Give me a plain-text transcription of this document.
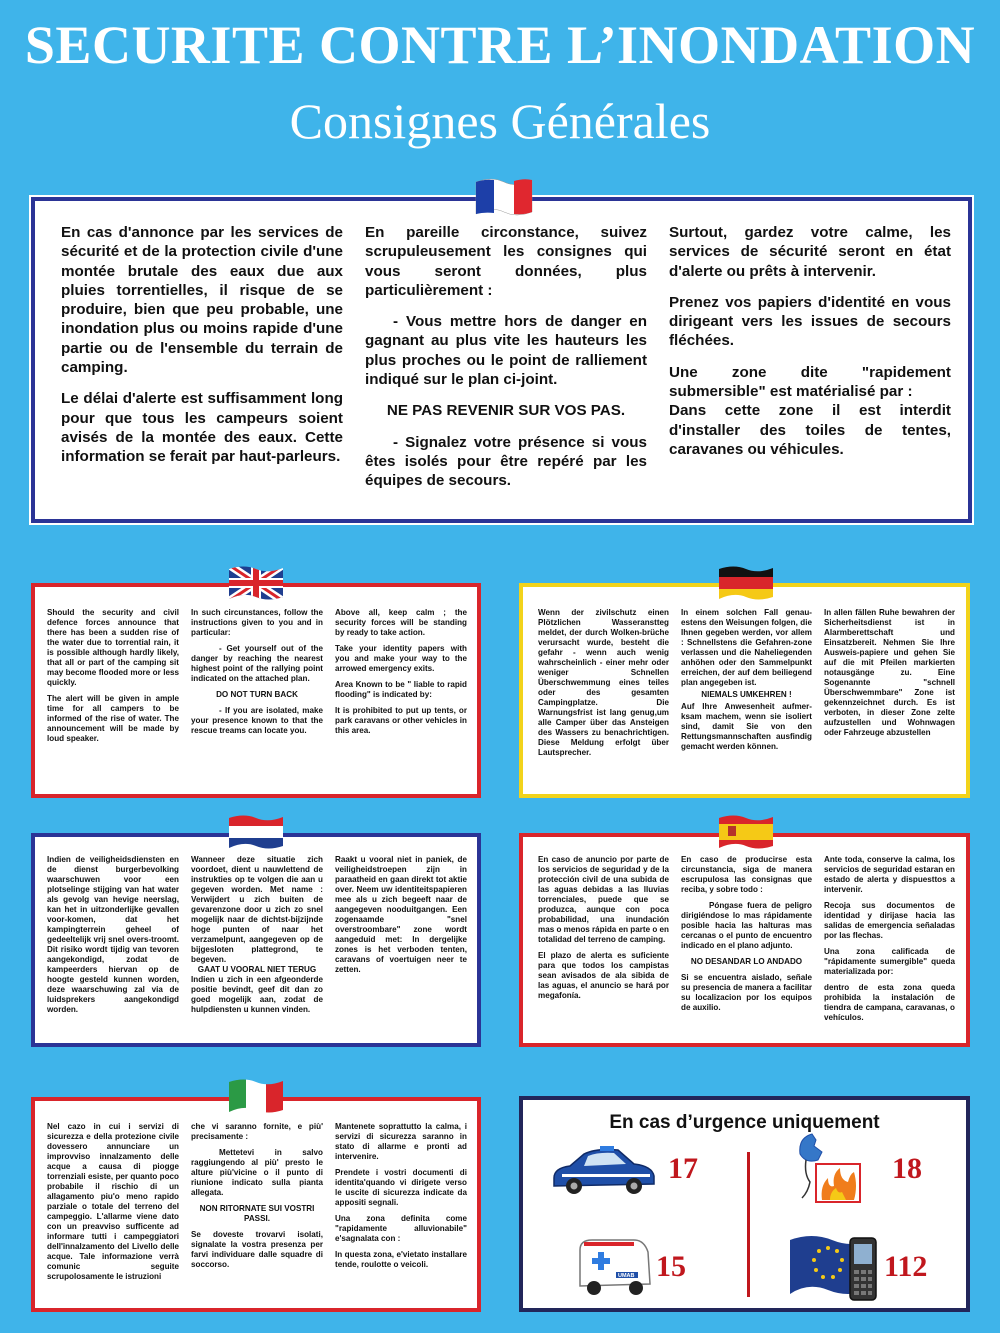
SECURITE CONTRE L’INONDATION
Consignes Générales

En cas d'annonce par les services de sécurité et de la protection civile d'une montée brutale des eaux due aux pluies torrentielles, il risque de se produire, bien que peu probable, une inondation plus ou moins rapide d'une partie ou de l'ensemble du terrain de camping.

Le délai d'alerte est suffisamment long pour que tous les campeurs soient avisés de la montée des eaux. Cette information se ferait par haut-parleurs.

En pareille circonstance, suivez scrupuleusement les consignes qui vous seront données, plus particulièrement :

- Vous mettre hors de danger en gagnant au plus vite les hauteurs les plus proches ou le point de ralliement indiqué sur le plan ci-joint.

NE PAS REVENIR SUR VOS PAS.

- Signalez votre présence si vous êtes isolés pour être repéré par les équipes de secours.

Surtout, gardez votre calme, les services de sécurité seront en état d'alerte ou prêts à intervenir.

Prenez vos papiers d'identité en vous dirigeant vers les issues de secours fléchées.

Une zone dite "rapidement submersible" est matérialisé par :

Dans cette zone il est interdit d'installer des toiles de tentes, caravanes ou véhicules.

Should the security and civil defence forces announce that there has been a sudden rise of the water due to torrential rain, it is possible although hardly likely, that all or part of the camping sit may become flooded more or less quickly.

The alert will be given in ample time for all campers to be informed of the rise of water. The announcement will be made by loud speaker.

In such circunstances, follow the instructions given to you and in particular:

- Get yourself out of the danger by reaching the nearest highest point of the rallying point indicated on the attached plan.

DO NOT TURN BACK

- If you are isolated, make your presence known to that the rescue treams can locate you.

Above all, keep calm ; the security forces will be standing by ready to take action.

Take your identity papers with you and make your way to the arrowed emergency exits.

Area Known to be " liable to rapid flooding" is indicated by:

It is prohibited to put up tents, or park caravans or other vehicles in this area.

Wenn der zivilschutz einen Plötzlichen Wasseranstteg meldet, der durch Wolken-brüche verursacht wurde, besteht die gefahr - wenn auch wenig wahrscheinlich - einer mehr oder weniger Schnellen Überschwemmung eines teiles oder des gesamten Campingplatze. Die Warnungsfrist ist lang genug,um alle Camper über das Ansteigen des Wassers zu benachrichtigen. Diese Meldung erfolgt über Lautsprecher.

In einem solchen Fall genau-estens den Weisungen folgen, die Ihnen gegeben werden, vor allem : Schnellstens die Gefahren-zone verlassen und die Naheliegenden anhöhen oder den Sammelpunkt erreichen, der auf dem beiliegend plan angegeben ist.

NIEMALS UMKEHREN !

Auf Ihre Anwesenheit aufmer-ksam machem, wenn sie isoliert sind, damit Sie von den Rettungsmannschaften ausfindig gemacht werden können.

In allen fällen Ruhe bewahren der Sicherheitsdienst ist in Alarmberettschaft und Einsatzbereit. Nehmen Sie Ihre Ausweis-papiere und gehen Sie auf die mit Pfeilen markierten notausgänge zu. Eine Sogenannte "schnell Überschwemmbare" Zone ist gekennzeichnet durch. Es ist verboten, in dieser Zone zelte aufzustellen und Wohnwagen oder Fahrzeuge abzustellen

Indien de veiligheidsdiensten en de dienst burgerbevolking waarschuwen voor een plotselinge stijging van hat water als gevolg van hevige neerslag, kan het in uitzonderlijke gevallen voor-komen, dat het kampingterrein geheel of gedeeltelijk vrij snel overs-troomt. Dit risiko wordt tijdig van tevoren aangekondigd, zodat de kampeerders hiervan op de hoogte gesteld kunnen worden, deze waarschuwing zal via de luidsprekers aangekondigd worden.

Wanneer deze situatie zich voordoet, dient u nauwlettend de instrukties op te volgen die aan u gegeven worden. Met name : Verwijdert u zich buiten de gevarenzone door u zich zo snel mogelijk naar de dichtst-bijzijnde hoge punten of naar het verzamelpunt, aangegeven op de bijgesloten plattegrond, te begeven.

GAAT U VOORAL NIET TERUG

Indien u zich in een afgeonderde positie bevindt, geef dit dan zo goed mogelijk aan, zodat de hulpdiensten u kunnen vinden.

Raakt u vooral niet in paniek, de veiligheidstroepen zijn in paraatheid en gaan direkt tot aktie over. Neem uw identiteitspapieren mee als u zich begeeft naar de aangegeven nooduitgangen. Een zogenaamde "snel overstroombare" zone wordt aangeduid met: In dergelijke zones is het verboden tenten, caravans of voertuigen neer te zetten.

En caso de anuncio por parte de los servicios de seguridad y de la protección civil de una subida de las aguas debidas a las lluvias torrenciales, puede que se produzca, aunque con poca probabilidad, una inundación mas o menos rápida en parte o en totalidad del terreno de camping.

El plazo de alerta es suficiente para que todos los campistas sean avisados de ala sibida de las aguas, el anuncio se hará por megafonía.

En caso de producirse esta circunstancia, siga de manera escrupulosa las consignas que reciba, y sobre todo :

Póngase fuera de peligro dirigiéndose lo mas rápidamente posible hacia las halturas mas cercanas o el punto de encuentro indicado en el plano adjunto.

NO DESANDAR LO ANDADO

Si se encuentra aislado, señale su presencia de manera a facilitar su localizacion por los equipos de auxilio.

Ante toda, conserve la calma, los servicios de seguridad estaran en estado de alerta y dispuesttos a intervenir.

Recoja sus documentos de identidad y dirijase hacia las salidas de emergencia señaladas por las flechas.

Una zona calificada de "rápidamente sumergible" queda materializada por:

dentro de esta zona queda prohibida la instalación de tiendra de campana, caravanas, o vehículos.

Nel cazo in cui i servizi di sicurezza e della protezione civile dovessero annunciare un improvviso innalzamento delle acque a causa di piogge torrenziali esiste, per quanto poco probabile il rischio di un allagamento piu'o meno rapido parziale o totale del terreno del campeggio. L'allarme viene dato con un preavviso sufficente ad informare tutti i campeggiatori dell'innalzamento del Livello delle acque. Tale informazione verrà comunic seguite scrupolosamente le istruzioni

che vi saranno fornite, e più' precisamente :

Mettetevi in salvo raggiungendo al più' presto le alture più'vicine o il punto di riunione indicato sulla pianta allegata.

NON RITORNATE SUI VOSTRI PASSI.

Se doveste trovarvi isolati, signalate la vostra presenza per farvi individuare dalle squadre di soccorso.

Mantenete soprattutto la calma, i servizi di sicurezza saranno in stato di allarme e pronti ad intervenire.

Prendete i vostri documenti di identita'quando vi dirigete verso le uscite di sicurezza indicate da appositi segnali.

Una zona definita come "rapidamente alluvionabile" e'sagnalata con :

In questa zona, e'vietato installare tende, roulotte o veicoli.

En cas d’urgence uniquement
17	18
UMAB 15	112
